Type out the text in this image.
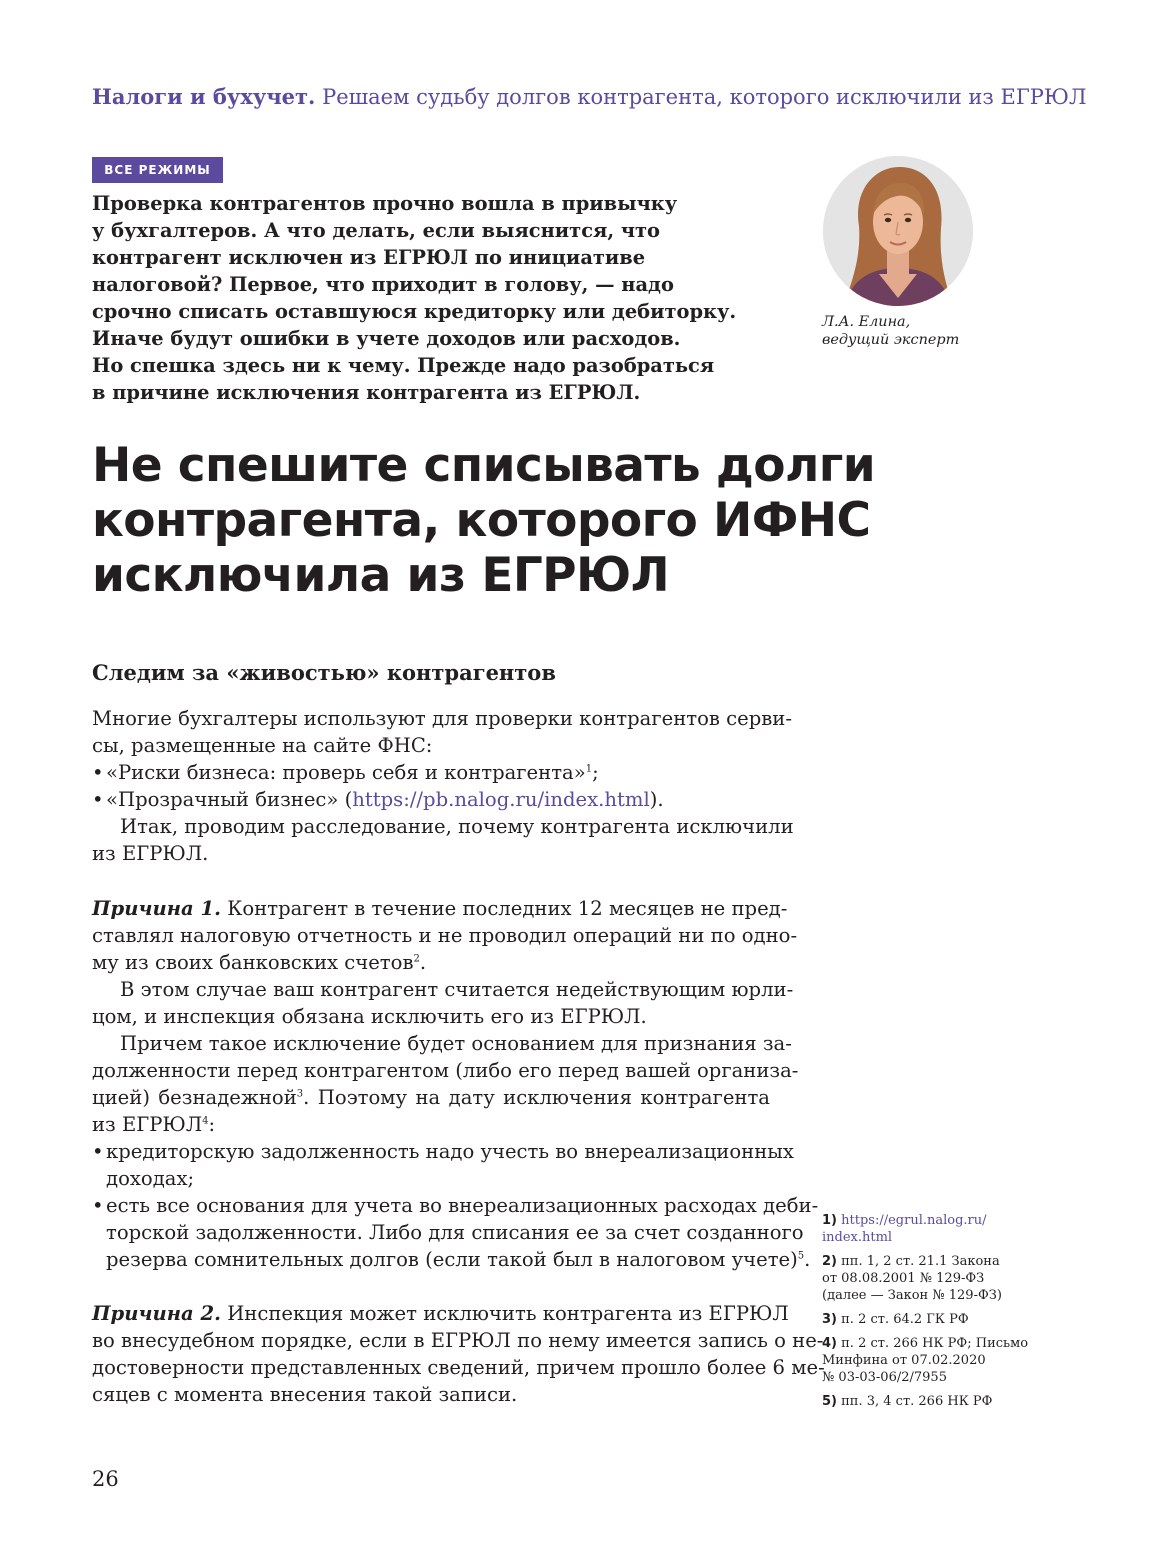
Налоги и бухучет. Решаем судьбу долгов контрагента, которого исключили из ЕГРЮЛ
ВСЕ РЕЖИМЫ
Проверка контрагентов прочно вошла в привычку
у бухгалтеров. А что делать, если выяснится, что
контрагент исключен из ЕГРЮЛ по инициативе
налоговой? Первое, что приходит в голову, — надо
срочно списать оставшуюся кредиторку или дебиторку.
Иначе будут ошибки в учете доходов или расходов.
Но спешка здесь ни к чему. Прежде надо разобраться
в причине исключения контрагента из ЕГРЮЛ.
Л.А. Елина,
ведущий эксперт
Не спешите списывать долги
контрагента, которого ИФНС
исключила из ЕГРЮЛ
Следим за «живостью» контрагентов
Многие бухгалтеры используют для проверки контрагентов серви-
сы, размещенные на сайте ФНС:
• «Риски бизнеса: проверь себя и контрагента»$^1$;
• «Прозрачный бизнес» (https://pb.nalog.ru/index.html).
Итак, проводим расследование, почему контрагента исключили
из ЕГРЮЛ.
Причина 1. Контрагент в течение последних 12 месяцев не пред-
ставлял налоговую отчетность и не проводил операций ни по одно-
му из своих банковских счетов$^2$.
В этом случае ваш контрагент считается недействующим юрли-
цом, и инспекция обязана исключить его из ЕГРЮЛ.
Причем такое исключение будет основанием для признания за-
долженности перед контрагентом (либо его перед вашей организа-
цией) безнадежной$^3$. Поэтому на дату исключения контрагента
из ЕГРЮЛ$^4$:
• кредиторскую задолженность надо учесть во внереализационных
доходах;
• есть все основания для учета во внереализационных расходах деби-
торской задолженности. Либо для списания ее за счет созданного
резерва сомнительных долгов (если такой был в налоговом учете)$^5$.
Причина 2. Инспекция может исключить контрагента из ЕГРЮЛ
во внесудебном порядке, если в ЕГРЮЛ по нему имеется запись о не-
достоверности представленных сведений, причем прошло более 6 ме-
сяцев с момента внесения такой записи.
1) https://egrul.nalog.ru/
index.html
2) пп. 1, 2 ст. 21.1 Закона
от 08.08.2001 № 129-ФЗ
(далее — Закон № 129-ФЗ)
3) п. 2 ст. 64.2 ГК РФ
4) п. 2 ст. 266 НК РФ; Письмо
Минфина от 07.02.2020
№ 03-03-06/2/7955
5) пп. 3, 4 ст. 266 НК РФ
26
